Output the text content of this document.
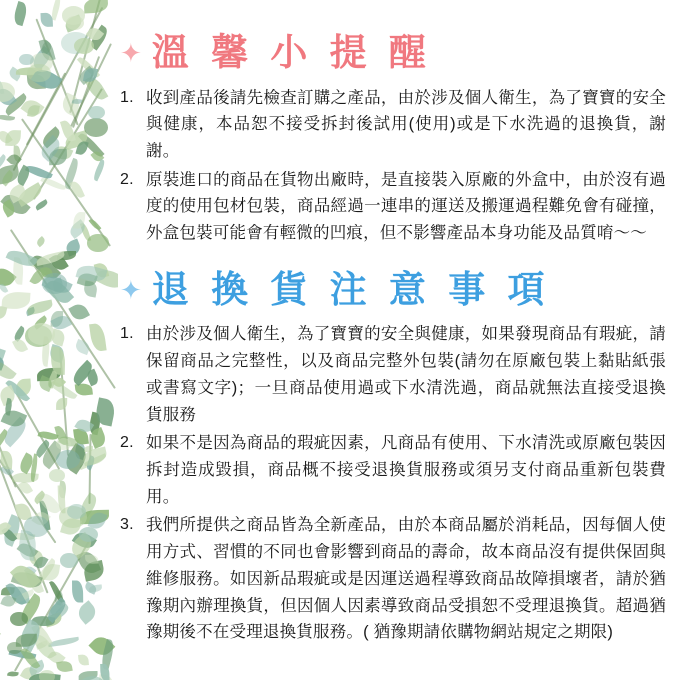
✦ 溫 馨 小 提 醒
收到產品後請先檢查訂購之產品，由於涉及個人衛生，為了寶寶的安全與健康，本品恕不接受拆封後試用(使用)或是下水洗過的退換貨，謝謝。
原裝進口的商品在貨物出廠時，是直接裝入原廠的外盒中，由於沒有過度的使用包材包裝，商品經過一連串的運送及搬運過程難免會有碰撞，外盒包裝可能會有輕微的凹痕，但不影響產品本身功能及品質唷～～
✦ 退 換 貨 注 意 事 項
由於涉及個人衛生，為了寶寶的安全與健康，如果發現商品有瑕疵，請保留商品之完整性，以及商品完整外包裝(請勿在原廠包裝上黏貼紙張或書寫文字)；一旦商品使用過或下水清洗過，商品就無法直接受退換貨服務
如果不是因為商品的瑕疵因素，凡商品有使用、下水清洗或原廠包裝因拆封造成毀損，商品概不接受退換貨服務或須另支付商品重新包裝費用。
我們所提供之商品皆為全新產品，由於本商品屬於消耗品，因每個人使用方式、習慣的不同也會影響到商品的壽命，故本商品沒有提供保固與維修服務。如因新品瑕疵或是因運送過程導致商品故障損壞者，請於猶豫期內辦理換貨，但因個人因素導致商品受損恕不受理退換貨。超過猶豫期後不在受理退換貨服務。( 猶豫期請依購物網站規定之期限)
